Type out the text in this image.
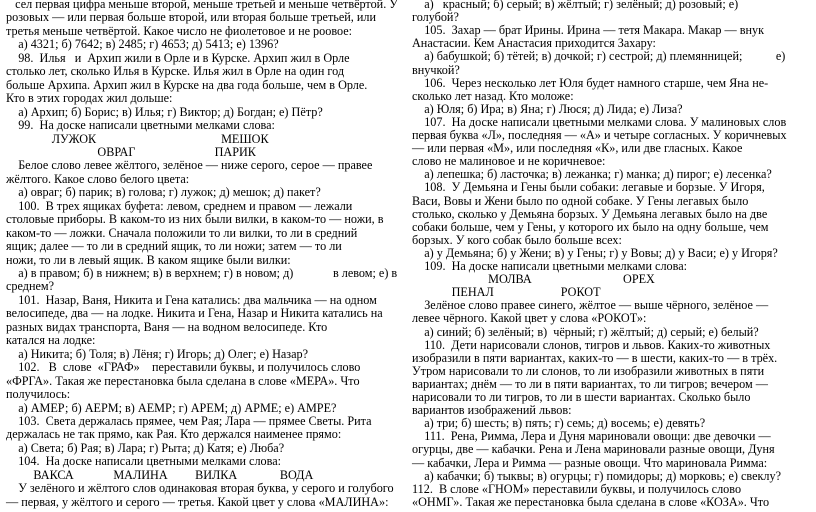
сел первая цифра меньше второй, меньше третьей и меньше четвёртой. У
розовых — или первая больше второй, или вторая больше третьей, или
третья меньше четвёртой. Какое число не фиолетовое и не роовое:
а) 4321; б) 7642; в) 2485; г) 4653; д) 5413; е) 1396?
98.  Илья   и  Архип жили в Орле и в Курске. Архип жил в Орле
столько лет, сколько Илья в Курске. Илья жил в Орле на один год
больше Архипа. Архип жил в Курске на два года больше, чем в Орле.
Кто в этих городах жил дольше:
а) Архип; б) Борис; в) Илья; г) Виктор; д) Богдан; е) Пётр?
99.  На доске написали цветными мелками слова:
ЛУЖОК                                         МЕШОК
ОВРАГ                          ПАРИК
Белое слово левее жёлтого, зелёное — ниже серого, серое — правее
жёлтого. Какое слово белого цвета:
а) овраг; б) парик; в) голова; г) лужок; д) мешок; д) пакет?
100.  В трех ящиках буфета: левом, среднем и правом — лежали
столовые приборы. В каком-то из них были вилки, в каком-то — ножи, в
каком-то — ложки. Сначала положили то ли вилки, то ли в средний
ящик; далее — то ли в средний ящик, то ли ножи; затем — то ли
ножи, то ли в левый ящик. В каком ящике были вилки:
а) в правом; б) в нижнем; в) в верхнем; г) в новом; д)             в левом; е) в
среднем?
101.  Назар, Ваня, Никита и Гена катались: два мальчика — на одном
велосипеде, два — на лодке. Никита и Гена, Назар и Никита катались на
разных видах транспорта, Ваня — на водном велосипеде. Кто
катался на лодке:
а) Никита; б) Толя; в) Лёня; г) Игорь; д) Олег; е) Назар?
102.   В  слове  «ГРАФ»    переставили буквы, и получилось слово
«ФРГА». Такая же перестановка была сделана в слове «МЕРА». Что
получилось:
а) АМЕР; б) АЕРМ; в) АЕМР; г) АРЕМ; д) АРМЕ; е) АМРЕ?
103.  Света держалась прямее, чем Рая; Лара — прямее Светы. Рита
держалась не так прямо, как Рая. Кто держался наименее прямо:
а) Света; б) Рая; в) Лара; г) Рыта; д) Катя; е) Люба?
104.  На доске написали цветными мелками слова:
ВАКСА             МАЛИНА         ВИЛКА              ВОДА
У зелёного и жёлтого слов одинаковая вторая буква, у серого и голубого
— первая, у жёлтого и серого — третья. Какой цвет у слова «МАЛИНА»:
а)   красный; б) серый; в) жёлтый; г) зелёный; д) розовый; е)
голубой?
105.  Захар — брат Ирины. Ирина — тетя Макара. Макар — внук
Анастасии. Кем Анастасия приходится Захару:
а) бабушкой; б) тётей; в) дочкой; г) сестрой; д) племянницей;           е)
внучкой?
106.  Через несколько лет Юля будет намного старше, чем Яна не-
сколько лет назад. Кто моложе:
а) Юля; б) Ира; в) Яна; г) Люся; д) Лида; е) Лиза?
107.  На доске написали цветными мелками слова. У малиновых слов
первая буква «Л», последняя — «А» и четыре согласных. У коричневых
— или первая «М», или последняя «К», или две гласных. Какое
слово не малиновое и не коричневое:
а) лепешка; б) ласточка; в) лежанка; г) манка; д) пирог; е) лесенка?
108.  У Демьяна и Гены были собаки: легавые и борзые. У Игоря,
Васи, Вовы и Жени было по одной собаке. У Гены легавых было
столько, сколько у Демьяна борзых. У Демьяна легавых было на две
собаки больше, чем у Гены, у которого их было на одну больше, чем
борзых. У кого собак было больше всех:
а) у Демьяна; б) у Жени; в) у Гены; г) у Вовы; д) у Васи; е) у Игоря?
109.  На доске написали цветными мелками слова:
МОЛВА                              ОРЕХ
ПЕНАЛ                      РОКОТ
Зелёное слово правее синего, жёлтое — выше чёрного, зелёное —
левее чёрного. Какой цвет у слова «РОКОТ»:
а) синий; б) зелёный; в)  чёрный; г) жёлтый; д) серый; е) белый?
110.  Дети нарисовали слонов, тигров и львов. Каких-то животных
изобразили в пяти вариантах, каких-то — в шести, каких-то — в трёх.
Утром нарисовали то ли слонов, то ли изобразили животных в пяти
вариантах; днём — то ли в пяти вариантах, то ли тигров; вечером —
нарисовали то ли тигров, то ли в шести вариантах. Сколько было
вариантов изображений львов:
а) три; б) шесть; в) пять; г) семь; д) восемь; е) девять?
111.  Рена, Римма, Лера и Дуня мариновали овощи: две девочки —
огурцы, две — кабачки. Рена и Лена мариновали разные овощи, Дуня
— кабачки, Лера и Римма — разные овощи. Что мариновала Римма:
а) кабачки; б) тыквы; в) огурцы; г) помидоры; д) морковь; е) свеклу?
112.  В слове «ГНОМ» переставили буквы, и получилось слово
«ОНМГ». Такая же перестановка была сделана в слове «КОЗА». Что
